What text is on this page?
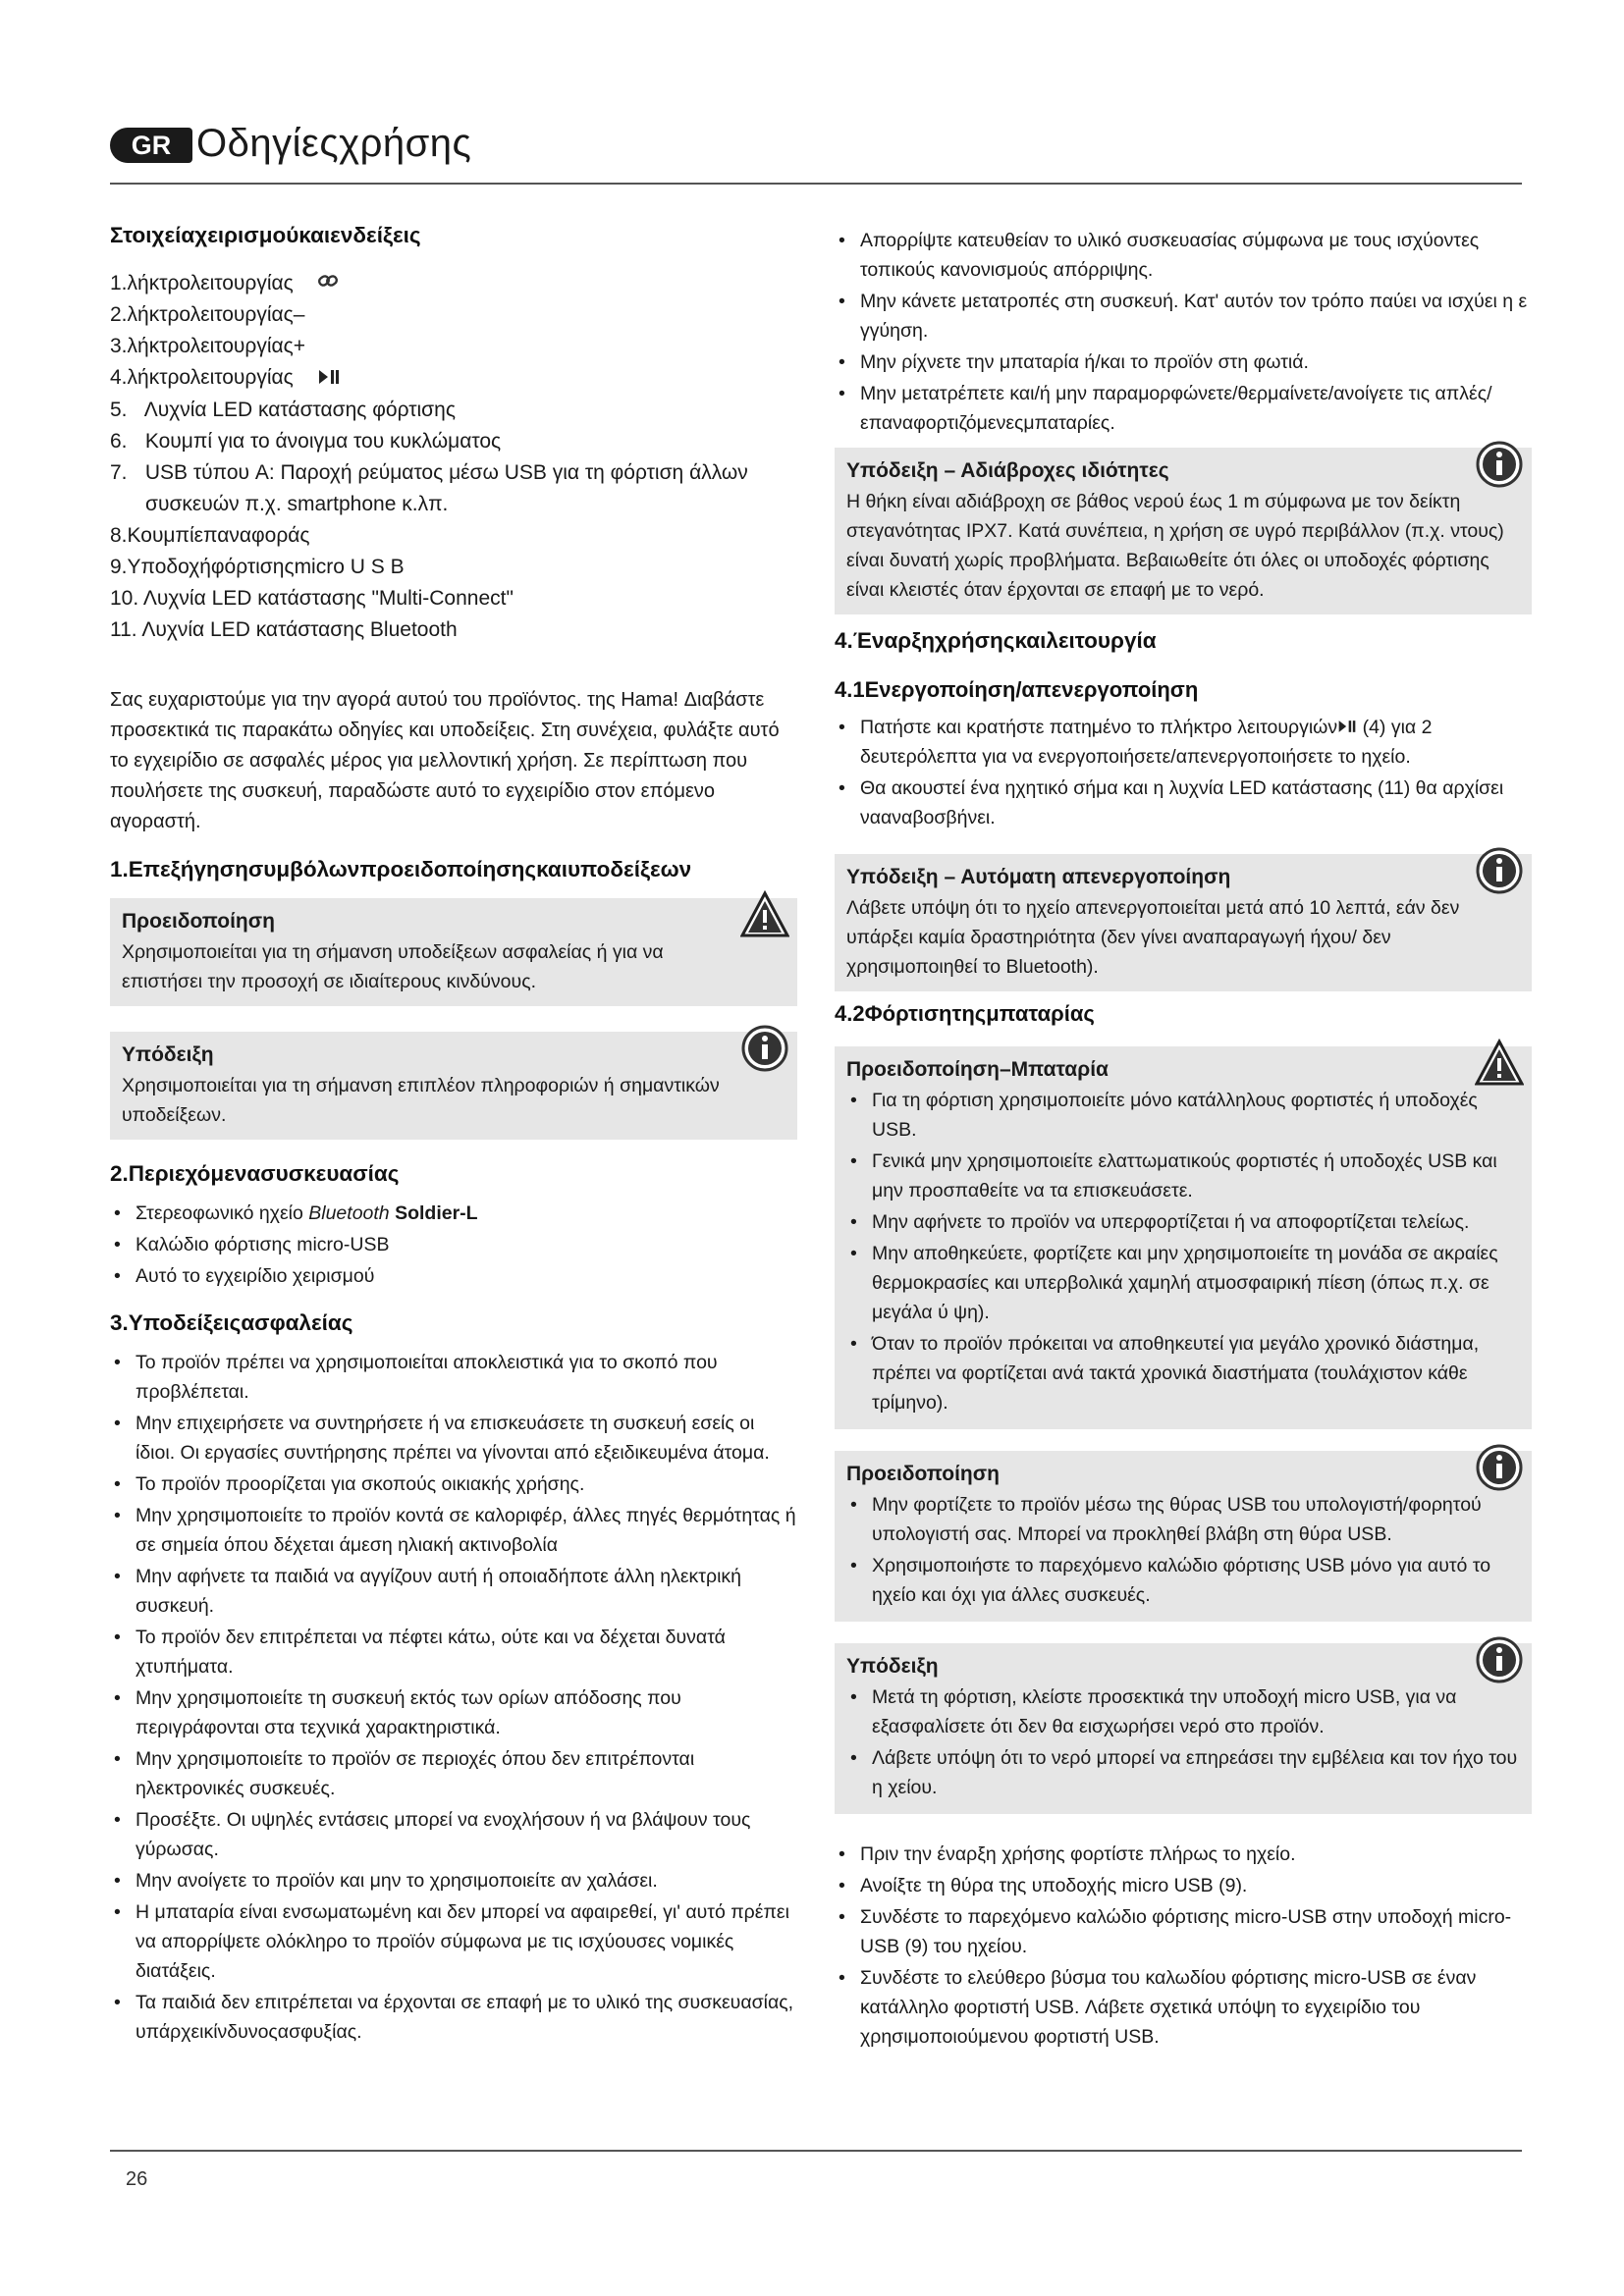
GR Οδηγίεςχρήσης
Στοιχείαχειρισμούκαιενδείξεις
1.λήκτρολειτουργίας
2.λήκτρολειτουργίας–
3.λήκτρολειτουργίας+
4.λήκτρολειτουργίας
5. Λυχνία LED κατάστασης φόρτισης
6. Κουμπί για το άνοιγμα του κυκλώματος
7. USB τύπου A: Παροχή ρεύματος μέσω USB για τη φόρτιση άλλων
συσκευών π.χ. smartphone κ.λπ.
8.Κουμπίεπαναφοράς
9.Υποδοχήφόρτισηςmicro U S B
10. Λυχνία LED κατάστασης "Multi-Connect"
11. Λυχνία LED κατάστασης Bluetooth

Σας ευχαριστούμε για την αγορά αυτού του προϊόντος. της Hama! Διαβάστε προσεκτικά τις παρακάτω οδηγίες και υποδείξεις. Στη συνέχεια, φυλάξτε αυτό το εγχειρίδιο σε ασφαλές μέρος για μελλοντική χρήση. Σε περίπτωση που πουλήσετε της συσκευή, παραδώστε αυτό το εγχειρίδιο στον επόμενο αγοραστή.

1.Επεξήγησησυμβόλωνπροειδοποίησηςκαιυποδείξεων
Προειδοποίηση

Χρησιμοποιείται για τη σήμανση υποδείξεων ασφαλείας ή για να επιστήσει την προσοχή σε ιδιαίτερους κινδύνους.

Υπόδειξη

Χρησιμοποιείται για τη σήμανση επιπλέον πληροφοριών ή σημαντικών υποδείξεων.

2.Περιεχόμενασυσκευασίας
• Στερεοφωνικό ηχείο Bluetooth Soldier-L
• Καλώδιο φόρτισης micro-USB
• Αυτό το εγχειρίδιο χειρισμού
3.Υποδείξειςασφαλείας
• Το προϊόν πρέπει να χρησιμοποιείται αποκλειστικά για το σκοπό που προβλέπεται.
• Μην επιχειρήσετε να συντηρήσετε ή να επισκευάσετε τη συσκευή εσείς οι ίδιοι. Οι εργασίες συντήρησης πρέπει να γίνονται από εξειδικευμένα άτομα.
• Το προϊόν προορίζεται για σκοπούς οικιακής χρήσης.
• Μην χρησιμοποιείτε το προϊόν κοντά σε καλοριφέρ, άλλες πηγές θερμότητας ή σε σημεία όπου δέχεται άμεση ηλιακή ακτινοβολία
• Μην αφήνετε τα παιδιά να αγγίζουν αυτή ή οποιαδήποτε άλλη ηλεκτρική συσκευή.
• Το προϊόν δεν επιτρέπεται να πέφτει κάτω, ούτε και να δέχεται δυνατά χτυπήματα.
• Μην χρησιμοποιείτε τη συσκευή εκτός των ορίων απόδοσης που περιγράφονται στα τεχνικά χαρακτηριστικά.
• Μην χρησιμοποιείτε το προϊόν σε περιοχές όπου δεν επιτρέπονται ηλεκτρονικές συσκευές.
• Προσέξτε. Οι υψηλές εντάσεις μπορεί να ενοχλήσουν ή να βλάψουν τους γύρωσας.
• Μην ανοίγετε το προϊόν και μην το χρησιμοποιείτε αν χαλάσει.
• Η μπαταρία είναι ενσωματωμένη και δεν μπορεί να αφαιρεθεί, γι' αυτό πρέπει να απορρίψετε ολόκληρο το προϊόν σύμφωνα με τις ισχύουσες νομικές διατάξεις.
• Τα παιδιά δεν επιτρέπεται να έρχονται σε επαφή με το υλικό της συσκευασίας, υπάρχεικίνδυνοςασφυξίας.
• Απορρίψτε κατευθείαν το υλικό συσκευασίας σύμφωνα με τους ισχύοντες τοπικούς κανονισμούς απόρριψης.
• Μην κάνετε μετατροπές στη συσκευή. Κατ' αυτόν τον τρόπο παύει να ισχύει η ε γγύηση.
• Μην ρίχνετε την μπαταρία ή/και το προϊόν στη φωτιά.
• Μην μετατρέπετε και/ή μην παραμορφώνετε/θερμαίνετε/ανοίγετε τις απλές/ επαναφορτιζόμενεςμπαταρίες.
Υπόδειξη – Αδιάβροχες ιδιότητες

Η θήκη είναι αδιάβροχη σε βάθος νερού έως 1 m σύμφωνα με τον δείκτη στεγανότητας IPX7. Κατά συνέπεια, η χρήση σε υγρό περιβάλλον (π.χ. ντους) είναι δυνατή χωρίς προβλήματα. Βεβαιωθείτε ότι όλες οι υποδοχές φόρτισης είναι κλειστές όταν έρχονται σε επαφή με το νερό.

4.Έναρξηχρήσηςκαιλειτουργία
4.1Ενεργοποίηση/απενεργοποίηση
• Πατήστε και κρατήστε πατημένο το πλήκτρο λειτουργιών (4) για 2 δευτερόλεπτα για να ενεργοποιήσετε/απενεργοποιήσετε το ηχείο.
• Θα ακουστεί ένα ηχητικό σήμα και η λυχνία LED κατάστασης (11) θα αρχίσει νααναβοσβήνει.
Υπόδειξη – Αυτόματη απενεργοποίηση

Λάβετε υπόψη ότι το ηχείο απενεργοποιείται μετά από 10 λεπτά, εάν δεν υπάρξει καμία δραστηριότητα (δεν γίνει αναπαραγωγή ήχου/ δεν χρησιμοποιηθεί το Bluetooth).

4.2Φόρτισητηςμπαταρίας
Προειδοποίηση–Μπαταρία
• Για τη φόρτιση χρησιμοποιείτε μόνο κατάλληλους φορτιστές ή υποδοχές USB.
• Γενικά μην χρησιμοποιείτε ελαττωματικούς φορτιστές ή υποδοχές USB και μην προσπαθείτε να τα επισκευάσετε.
• Μην αφήνετε το προϊόν να υπερφορτίζεται ή να αποφορτίζεται τελείως.
• Μην αποθηκεύετε, φορτίζετε και μην χρησιμοποιείτε τη μονάδα σε ακραίες θερμοκρασίες και υπερβολικά χαμηλή ατμοσφαιρική πίεση (όπως π.χ. σε μεγάλα ύ ψη).
• Όταν το προϊόν πρόκειται να αποθηκευτεί για μεγάλο χρονικό διάστημα, πρέπει να φορτίζεται ανά τακτά χρονικά διαστήματα (τουλάχιστον κάθε τρίμηνο).
Προειδοποίηση
• Μην φορτίζετε το προϊόν μέσω της θύρας USB του υπολογιστή/φορητού υπολογιστή σας. Μπορεί να προκληθεί βλάβη στη θύρα USB.
• Χρησιμοποιήστε το παρεχόμενο καλώδιο φόρτισης USB μόνο για αυτό το ηχείο και όχι για άλλες συσκευές.
Υπόδειξη
• Μετά τη φόρτιση, κλείστε προσεκτικά την υποδοχή micro USB, για να εξασφαλίσετε ότι δεν θα εισχωρήσει νερό στο προϊόν.
• Λάβετε υπόψη ότι το νερό μπορεί να επηρεάσει την εμβέλεια και τον ήχο του η χείου.
• Πριν την έναρξη χρήσης φορτίστε πλήρως το ηχείο.
• Ανοίξτε τη θύρα της υποδοχής micro USB (9).
• Συνδέστε το παρεχόμενο καλώδιο φόρτισης micro-USB στην υποδοχή micro-USB (9) του ηχείου.
• Συνδέστε το ελεύθερο βύσμα του καλωδίου φόρτισης micro-USB σε έναν κατάλληλο φορτιστή USB. Λάβετε σχετικά υπόψη το εγχειρίδιο του χρησιμοποιούμενου φορτιστή USB.
26
